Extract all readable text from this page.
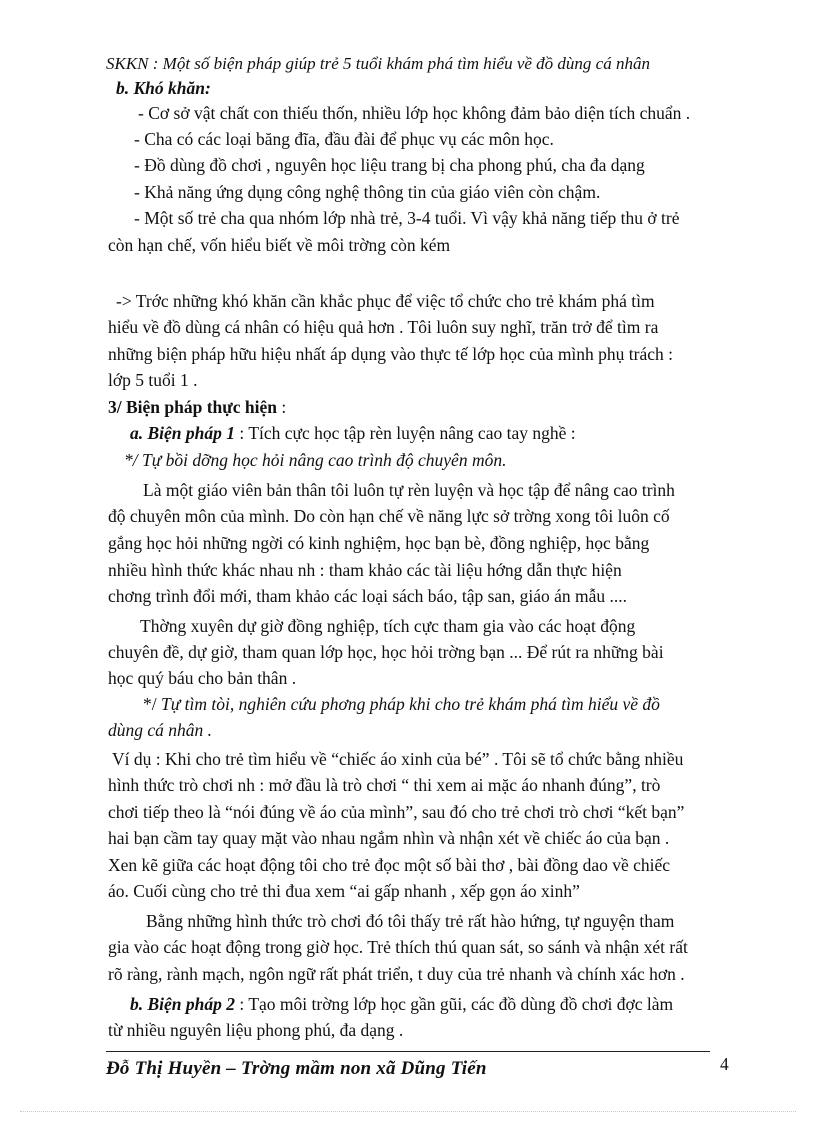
SKKN : Một số biện pháp giúp trẻ 5 tuổi khám phá tìm hiểu về đồ dùng cá nhân
b. Khó khăn:
- Cơ sở vật chất con thiếu thốn, nhiều lớp học không đảm bảo diện tích chuẩn .
- Cha có các loại băng đĩa, đầu đài để phục vụ các môn học.
- Đồ dùng đồ chơi , nguyên học liệu trang bị cha phong phú, cha đa dạng
- Khả năng ứng dụng công nghệ thông tin của giáo viên còn chậm.
- Một số trẻ cha qua nhóm lớp nhà trẻ, 3-4 tuổi. Vì vậy khả năng tiếp thu ở trẻ
còn hạn chế, vốn hiểu biết về môi trờng còn kém
-> Trớc những khó khăn cần khắc phục để việc tổ chức cho trẻ khám phá tìm
hiểu về đồ dùng cá nhân có hiệu quả hơn . Tôi luôn suy nghĩ, trăn trở để tìm ra
những biện pháp hữu hiệu nhất áp dụng vào thực tế lớp học của mình phụ trách :
lớp 5 tuổi 1 .
3/ Biện pháp thực hiện :
a. Biện pháp 1 : Tích cực học tập rèn luyện nâng cao tay nghề :
*/ Tự bồi dỡng học hỏi nâng cao trình độ chuyên môn.
Là một giáo viên bản thân tôi luôn tự rèn luyện và học tập để nâng cao trình
độ chuyên môn của mình. Do còn hạn chế về năng lực sở trờng xong tôi luôn cố
gắng học hỏi những ngời có kinh nghiệm, học bạn bè, đồng nghiệp, học bằng
nhiều hình thức khác nhau nh : tham khảo các tài liệu hớng dẫn thực hiện
chơng trình đổi mới, tham khảo các loại sách báo, tập san, giáo án mẫu ....
Thờng xuyên dự giờ đồng nghiệp, tích cực tham gia vào các hoạt động
chuyên đề, dự giờ, tham quan lớp học, học hỏi trờng bạn ... Để rút ra những bài
học quý báu cho bản thân .
*/ Tự tìm tòi, nghiên cứu phơng pháp khi cho trẻ khám phá tìm hiểu về đồ
dùng cá nhân .
Ví dụ : Khi cho trẻ tìm hiểu về “chiếc áo xinh của bé” . Tôi sẽ tổ chức bằng nhiều
hình thức trò chơi nh : mở đầu là trò chơi “ thi xem ai mặc áo nhanh đúng”, trò
chơi tiếp theo là “nói đúng về áo của mình”, sau đó cho trẻ chơi trò chơi “kết bạn”
hai bạn cầm tay quay mặt vào nhau ngắm nhìn và nhận xét về chiếc áo của bạn .
Xen kẽ giữa các hoạt động tôi cho trẻ đọc một số bài thơ , bài đồng dao về chiếc
áo. Cuối cùng cho trẻ thi đua xem “ai gấp nhanh , xếp gọn áo xinh”
Bằng những hình thức trò chơi đó tôi thấy trẻ rất hào hứng, tự nguyện tham
gia vào các hoạt động trong giờ học. Trẻ thích thú quan sát, so sánh và nhận xét rất
rõ ràng, rành mạch, ngôn ngữ rất phát triển, t duy của trẻ nhanh và chính xác hơn .
b. Biện pháp 2 : Tạo môi trờng lớp học gần gũi, các đồ dùng đồ chơi đợc làm
từ nhiều nguyên liệu phong phú, đa dạng .
Đỗ Thị Huyền – Trờng mầm non xã Dũng Tiến	4
